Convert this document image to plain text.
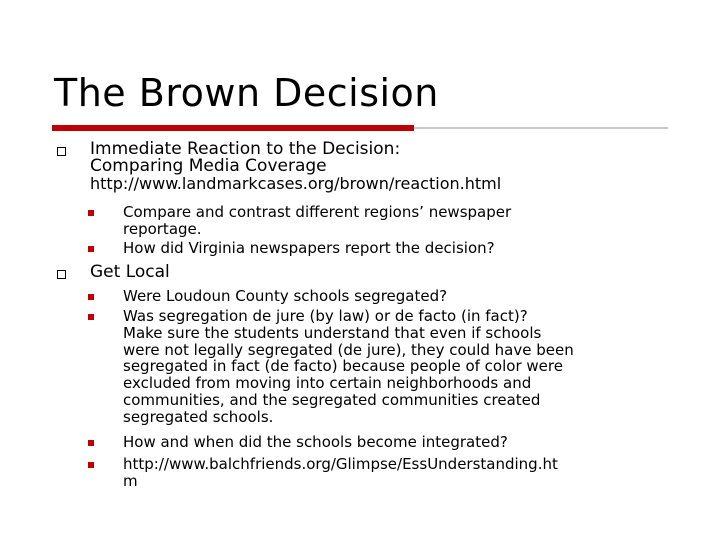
The Brown Decision
Immediate Reaction to the Decision:
Comparing Media Coverage
http://www.landmarkcases.org/brown/reaction.html
Compare and contrast different regions’ newspaper
reportage.
How did Virginia newspapers report the decision?
Get Local
Were Loudoun County schools segregated?
Was segregation de jure (by law) or de facto (in fact)?
Make sure the students understand that even if schools
were not legally segregated (de jure), they could have been
segregated in fact (de facto) because people of color were
excluded from moving into certain neighborhoods and
communities, and the segregated communities created
segregated schools.
How and when did the schools become integrated?
http://www.balchfriends.org/Glimpse/EssUnderstanding.ht
m
